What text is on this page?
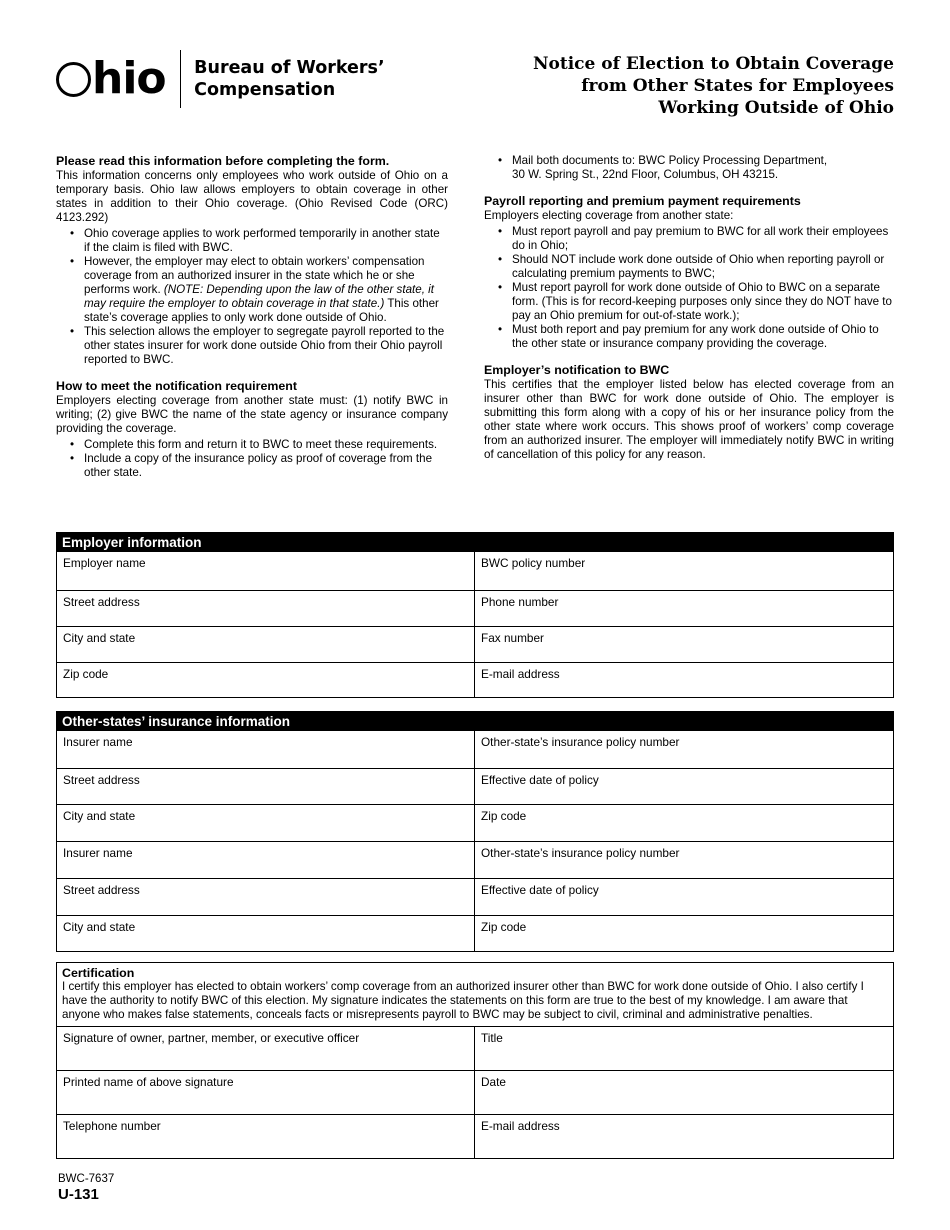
hio Bureau of Workers’
Compensation
Notice of Election to Obtain Coverage
from Other States for Employees
Working Outside of Ohio
Please read this information before completing the form.
This information concerns only employees who work outside of Ohio on a temporary basis. Ohio law allows employers to obtain coverage in other states in addition to their Ohio coverage. (Ohio Revised Code (ORC) 4123.292)
• Ohio coverage applies to work performed temporarily in another state if the claim is filed with BWC.
• However, the employer may elect to obtain workers’ compensation coverage from an authorized insurer in the state which he or she performs work. (NOTE: Depending upon the law of the other state, it may require the employer to obtain coverage in that state.) This other state’s coverage applies to only work done outside of Ohio.
• This selection allows the employer to segregate payroll reported to the other states insurer for work done outside Ohio from their Ohio payroll reported to BWC.
How to meet the notification requirement
Employers electing coverage from another state must: (1) notify BWC in writing; (2) give BWC the name of the state agency or insurance company providing the coverage.
• Complete this form and return it to BWC to meet these requirements.
• Include a copy of the insurance policy as proof of coverage from the other state.
• Mail both documents to: BWC Policy Processing Department,
30 W. Spring St., 22nd Floor, Columbus, OH 43215.
Payroll reporting and premium payment requirements
Employers electing coverage from another state:
• Must report payroll and pay premium to BWC for all work their employees do in Ohio;
• Should NOT include work done outside of Ohio when reporting payroll or calculating premium payments to BWC;
• Must report payroll for work done outside of Ohio to BWC on a separate form. (This is for record-keeping purposes only since they do NOT have to pay an Ohio premium for out-of-state work.);
• Must both report and pay premium for any work done outside of Ohio to the other state or insurance company providing the coverage.
Employer’s notification to BWC
This certifies that the employer listed below has elected coverage from an insurer other than BWC for work done outside of Ohio. The employer is submitting this form along with a copy of his or her insurance policy from the other state where work occurs. This shows proof of workers’ comp coverage from an authorized insurer. The employer will immediately notify BWC in writing of cancellation of this policy for any reason.
Employer information
Employer name	BWC policy number
Street address	Phone number
City and state	Fax number
Zip code	E-mail address
Other-states’ insurance information
Insurer name	Other-state’s insurance policy number
Street address	Effective date of policy
City and state	Zip code
Insurer name	Other-state’s insurance policy number
Street address	Effective date of policy
City and state	Zip code
Certification
I certify this employer has elected to obtain workers’ comp coverage from an authorized insurer other than BWC for work done outside of Ohio. I also certify I have the authority to notify BWC of this election. My signature indicates the statements on this form are true to the best of my knowledge. I am aware that anyone who makes false statements, conceals facts or misrepresents payroll to BWC may be subject to civil, criminal and administrative penalties.
Signature of owner, partner, member, or executive officer	Title
Printed name of above signature	Date
Telephone number	E-mail address
BWC-7637
U-131
